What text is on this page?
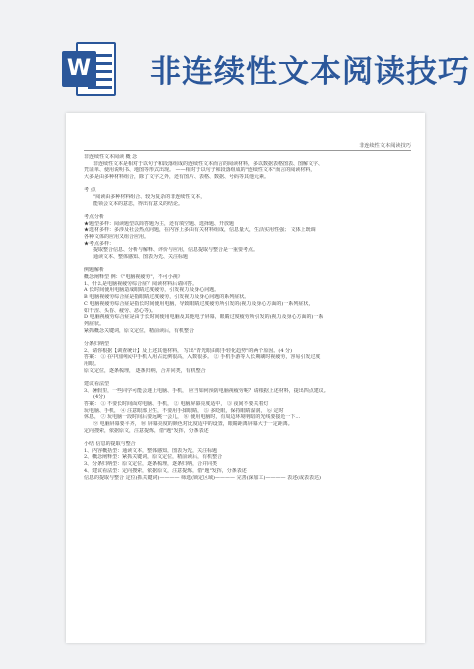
W 非连续性文本阅读技巧
非连续性文本阅读技巧

非连续性文本阅读 概 念

非连续性文本是相对于以句子和段落组成的连续性文本而言的阅读材料，多以数据表格图表、图解文字、

凭证单、使用说明书、地图等形式出现。 ——相对于以句子和段落组成的"连续性文本"而言的阅读材料，

大多是由多种材料组合，除了文字之外，还有图片、表格、数据、号码等其他元素。

考 点

"阅读由多种材料组合、较为复杂的非连续性文本，

能领会文本的意思，得出有意义的结论。

考点分析

★题型多样：阅读题型以简答题为主，还有填空题、选择题、开放题

★选材多样：多涉及社会热点问题，在内容上多由有关材料组成，信息量大，生活实用性强； 文体上既调

各种文体的应用又组合应用。

★考点多样：

提取整合信息、分析与解释、评价与应用，信息提取与整合是一重要考点。

通读文本、整体感知、图表为先、关注标题

例题解析

概念阐释型 例：《"电脑视疲劳"，不可小视》

1、什么是电脑视疲劳综合症？阅读材料后请回答。

A 长时间使用电脑造成眼睛过度疲劳，引发视力及身心问题。

B 电脑视疲劳综合症是指眼睛过度疲劳，引发视力及身心问题的系列症状。

C 电脑视疲劳综合症是指长时间使用电脑，导致眼睛过度疲劳所引发的(视力及身心方面的)一系列症状，

如干涩、头昏、疲劳、恶心等)。

D 电脑视疲劳综合症是由于长时间使用电脑及其他电子屏幕，眼睛过度疲劳所引发的(视力及身心方面的)一系

列症状。

紧抓概念关键词，原文定位，精前读后，有机整合

分条归纳型

2、请你根据【调查统计】及上述其他材料， 写出"青光眼由眼手轻化趋势"的两个原因。(4 分)

答案： ① 在中国网民中手机人用占比例很高，入数很多。 ② 手机手游等人长期刷时视疲劳，容易引发过度

用眼。

原文定位，逐条梳理， 逐条归纳，合并同类，有机整合

建议看法型

3、暑假里，一些同学可能会迷上电脑、手机， 应当如何预防电脑视疲劳呢？请根据上述材料，提出四点建议。

(4分)

答案： ① 不要长时间面对电脑、手机， ② 电脑屏幕亮度适中， ③ 夜间不要关着灯

玩电脑、手机， ④ 注意眼部卫生，不要用手揉眼睛， ⑤ 多眨眼，保持眼睛湿润， ⑥ 定时

休息， ⑦ 玩电脑一段时间后要远眺一会儿， ⑧ 使用电脑时，有周边环境明暗的光线要接近一下...

⑨ 电脑屏幕要平齐， ⑩ 屏幕亮度的颜色对比度适中的设置，眼睛距离屏幕大于一定距离。

定向搜索，依据原文，注意提炼，借"题"发挥，分条表述

小结 信息的提取与整合

1、内容概括型：通读文本，整体感知，图表为先，关注标题

2、概念阐释型：紧抓关键词，原文定位，精前读后，有机整合

3、分条归纳型：原文定位，逐条梳理，逐条归纳，合并同类

4、建议看法型：定向搜索，依据原文，注意提炼，借"题"发挥，分条表述

信息的提取与整合 定位(抓关键词)———— 筛选(锁定区域)———— 完善(深加工)———— 表述(或表表达)
